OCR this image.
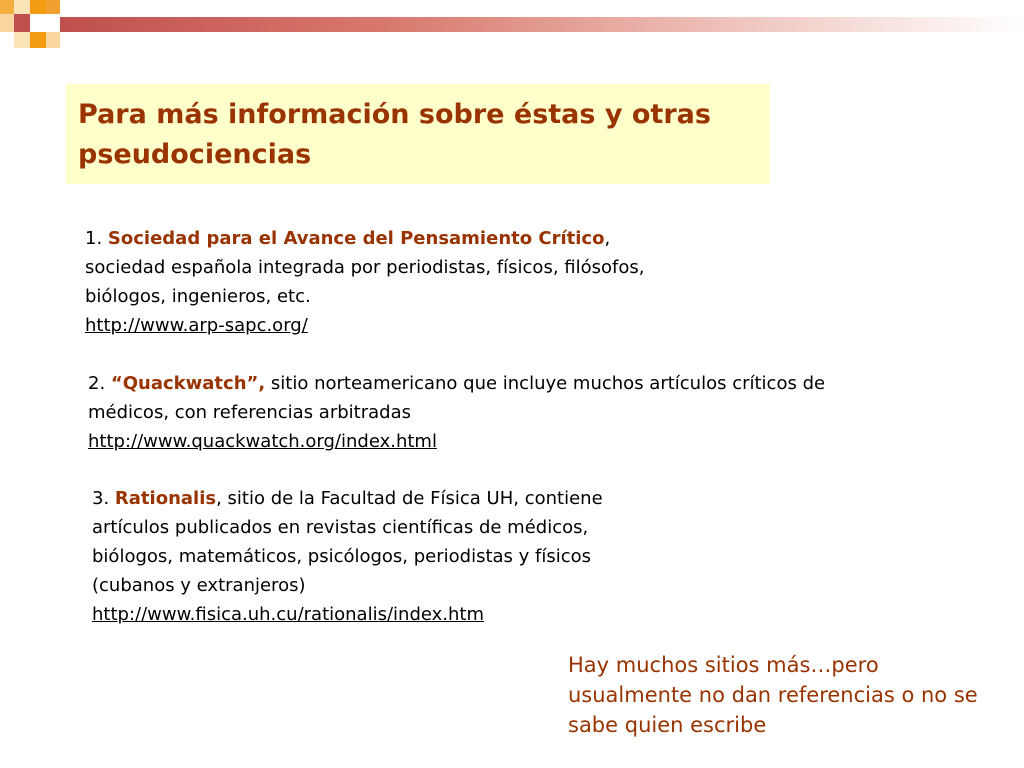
Para más información sobre éstas y otras pseudociencias
1. Sociedad para el Avance del Pensamiento Crítico, sociedad española integrada por periodistas, físicos, filósofos, biólogos, ingenieros, etc.
http://www.arp-sapc.org/
2. “Quackwatch”, sitio norteamericano que incluye muchos artículos críticos de médicos, con referencias arbitradas
http://www.quackwatch.org/index.html
3. Rationalis, sitio de la Facultad de Física UH, contiene artículos publicados en revistas científicas de médicos, biólogos, matemáticos, psicólogos, periodistas y físicos (cubanos y extranjeros)
http://www.fisica.uh.cu/rationalis/index.htm
Hay muchos sitios más…pero usualmente no dan referencias o no se sabe quien escribe
